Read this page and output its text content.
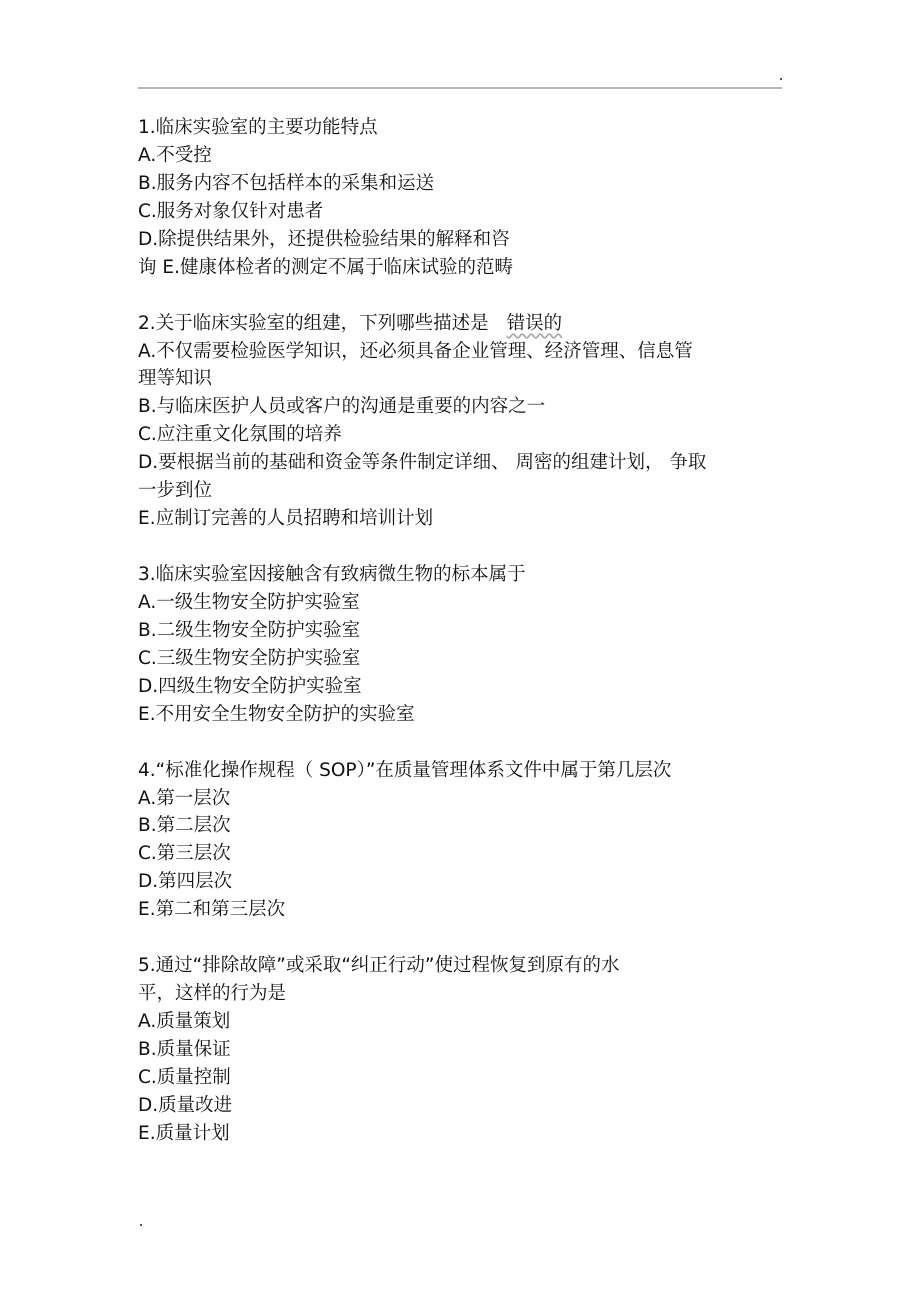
1.临床实验室的主要功能特点
A.不受控
B.服务内容不包括样本的采集和运送
C.服务对象仅针对患者
D.除提供结果外，还提供检验结果的解释和咨
询 E.健康体检者的测定不属于临床试验的范畴
2.关于临床实验室的组建，下列哪些描述是 错误的
A.不仅需要检验医学知识，还必须具备企业管理、经济管理、信息管
理等知识
B.与临床医护人员或客户的沟通是重要的内容之一
C.应注重文化氛围的培养
D.要根据当前的基础和资金等条件制定详细、 周密的组建计划， 争取
一步到位
E.应制订完善的人员招聘和培训计划
3.临床实验室因接触含有致病微生物的标本属于
A.一级生物安全防护实验室
B.二级生物安全防护实验室
C.三级生物安全防护实验室
D.四级生物安全防护实验室
E.不用安全生物安全防护的实验室
4.“标准化操作规程（ SOP）”在质量管理体系文件中属于第几层次
A.第一层次
B.第二层次
C.第三层次
D.第四层次
E.第二和第三层次
5.通过“排除故障”或采取“纠正行动”使过程恢复到原有的水
平，这样的行为是
A.质量策划
B.质量保证
C.质量控制
D.质量改进
E.质量计划
